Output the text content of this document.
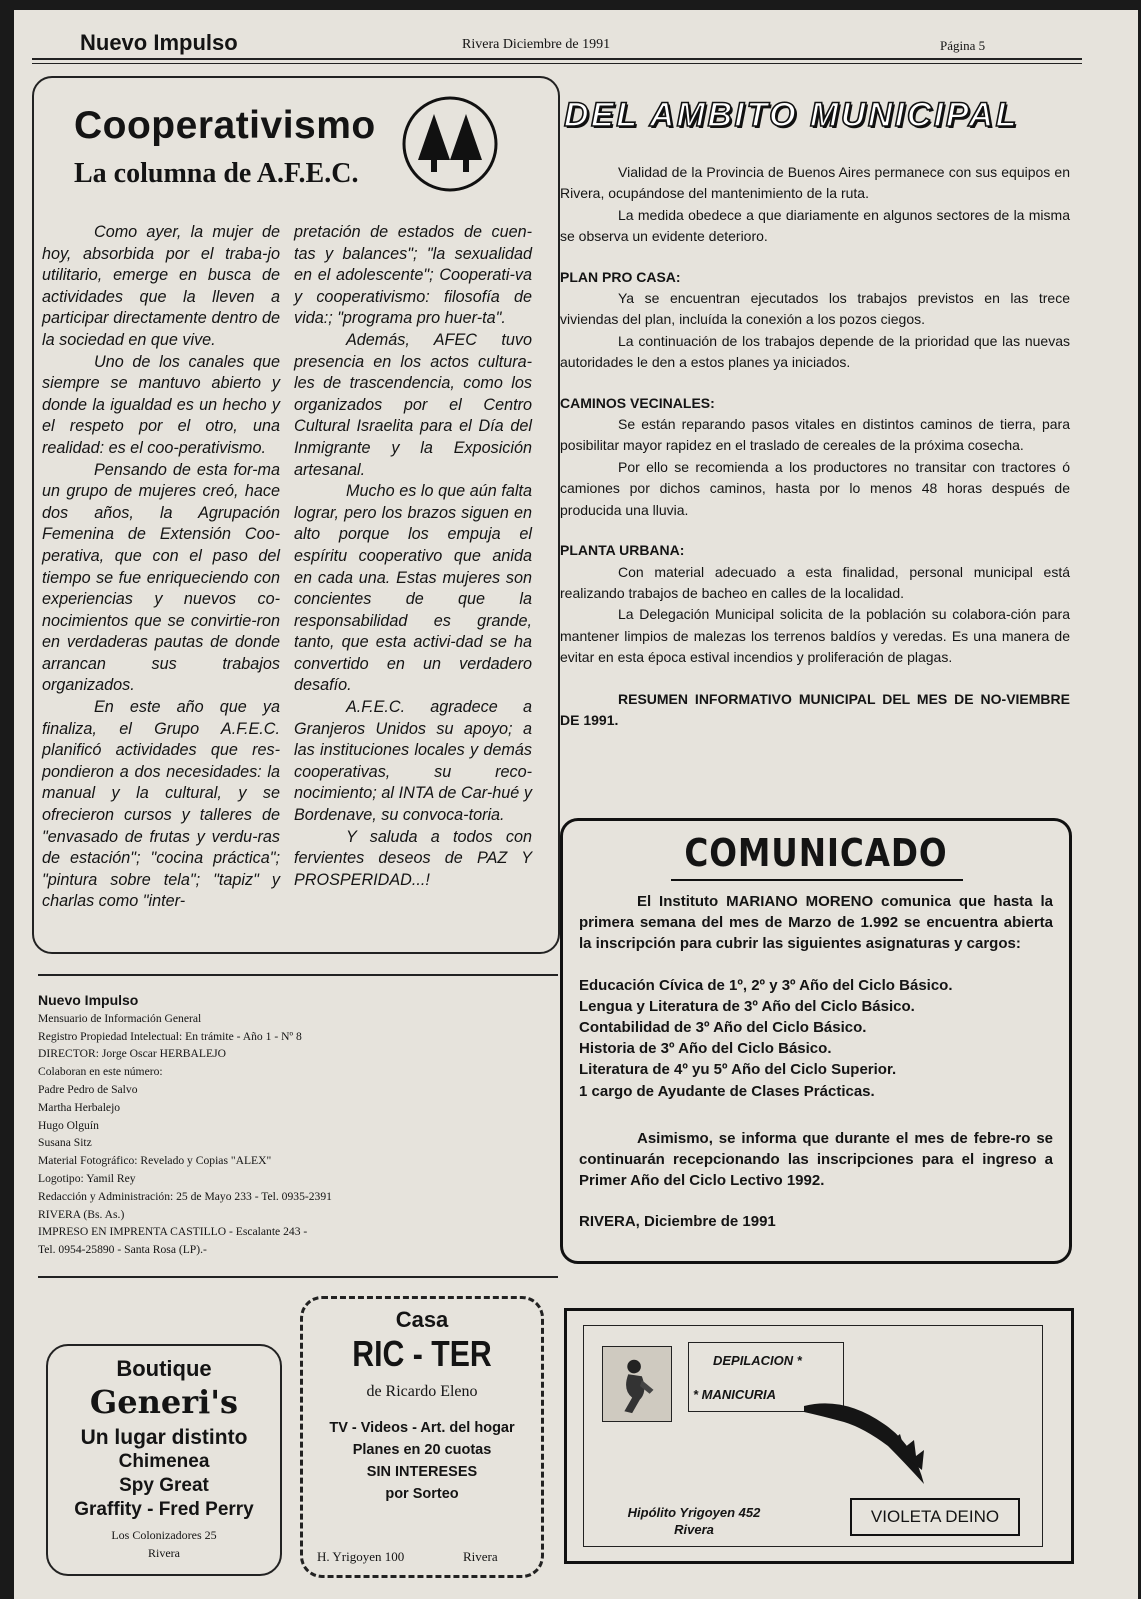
Nuevo Impulso	Rivera Diciembre de 1991	Página 5
Cooperativismo
La columna de A.F.E.C.

Como ayer, la mujer de hoy, absorbida por el traba-jo utilitario, emerge en busca de actividades que la lleven a participar directamente dentro de la sociedad en que vive.

Uno de los canales que siempre se mantuvo abierto y donde la igualdad es un hecho y el respeto por el otro, una realidad: es el coo-perativismo.

Pensando de esta for-ma un grupo de mujeres creó, hace dos años, la Agrupación Femenina de Extensión Coo-perativa, que con el paso del tiempo se fue enriqueciendo con experiencias y nuevos co-nocimientos que se convirtie-ron en verdaderas pautas de donde arrancan sus trabajos organizados.

En este año que ya finaliza, el Grupo A.F.E.C. planificó actividades que res-pondieron a dos necesidades: la manual y la cultural, y se ofrecieron cursos y talleres de "envasado de frutas y verdu-ras de estación"; "cocina práctica"; "pintura sobre tela"; "tapiz" y charlas como "inter-

pretación de estados de cuen-tas y balances"; "la sexualidad en el adolescente"; Cooperati-va y cooperativismo: filosofía de vida:; "programa pro huer-ta".

Además, AFEC tuvo presencia en los actos cultura-les de trascendencia, como los organizados por el Centro Cultural Israelita para el Día del Inmigrante y la Exposición artesanal.

Mucho es lo que aún falta lograr, pero los brazos siguen en alto porque los empuja el espíritu cooperativo que anida en cada una. Estas mujeres son concientes de que la responsabilidad es grande, tanto, que esta activi-dad se ha convertido en un verdadero desafío.

A.F.E.C. agradece a Granjeros Unidos su apoyo; a las instituciones locales y demás cooperativas, su reco-nocimiento; al INTA de Car-hué y Bordenave, su convoca-toria.

Y saluda a todos con fervientes deseos de PAZ Y PROSPERIDAD...!

DEL AMBITO MUNICIPAL

Vialidad de la Provincia de Buenos Aires permanece con sus equipos en Rivera, ocupándose del mantenimiento de la ruta.

La medida obedece a que diariamente en algunos sectores de la misma se observa un evidente deterioro.

PLAN PRO CASA:

Ya se encuentran ejecutados los trabajos previstos en las trece viviendas del plan, incluída la conexión a los pozos ciegos.

La continuación de los trabajos depende de la prioridad que las nuevas autoridades le den a estos planes ya iniciados.

CAMINOS VECINALES:

Se están reparando pasos vitales en distintos caminos de tierra, para posibilitar mayor rapidez en el traslado de cereales de la próxima cosecha.

Por ello se recomienda a los productores no transitar con tractores ó camiones por dichos caminos, hasta por lo menos 48 horas después de producida una lluvia.

PLANTA URBANA:

Con material adecuado a esta finalidad, personal municipal está realizando trabajos de bacheo en calles de la localidad.

La Delegación Municipal solicita de la población su colabora-ción para mantener limpios de malezas los terrenos baldíos y veredas. Es una manera de evitar en esta época estival incendios y proliferación de plagas.

RESUMEN INFORMATIVO MUNICIPAL DEL MES DE NO-VIEMBRE DE 1991.

COMUNICADO

El Instituto MARIANO MORENO comunica que hasta la primera semana del mes de Marzo de 1.992 se encuentra abierta la inscripción para cubrir las siguientes asignaturas y cargos:

Educación Cívica de 1º, 2º y 3º Año del Ciclo Básico.
Lengua y Literatura de 3º Año del Ciclo Básico.
Contabilidad de 3º Año del Ciclo Básico.
Historia de 3º Año del Ciclo Básico.
Literatura de 4º yu 5º Año del Ciclo Superior.
1 cargo de Ayudante de Clases Prácticas.

Asimismo, se informa que durante el mes de febre-ro se continuarán recepcionando las inscripciones para el ingreso a Primer Año del Ciclo Lectivo 1992.

RIVERA, Diciembre de 1991

Nuevo Impulso
Mensuario de Información General
Registro Propiedad Intelectual: En trámite - Año 1 - Nº 8
DIRECTOR: Jorge Oscar HERBALEJO
Colaboran en este número:
Padre Pedro de Salvo
Martha Herbalejo
Hugo Olguín
Susana Sitz
Material Fotográfico: Revelado y Copias "ALEX"
Logotipo: Yamil Rey
Redacción y Administración: 25 de Mayo 233 - Tel. 0935-2391
RIVERA (Bs. As.)
IMPRESO EN IMPRENTA CASTILLO - Escalante 243 -
Tel. 0954-25890 - Santa Rosa (LP).-
Boutique
Generi's
Un lugar distinto
Chimenea
Spy Great
Graffity - Fred Perry
Los Colonizadores 25
Rivera
Casa
RIC - TER
de Ricardo Eleno
TV - Videos - Art. del hogar
Planes en 20 cuotas
SIN INTERESES
por Sorteo
H. Yrigoyen 100	Rivera
DEPILACION *
* MANICURIA
Hipólito Yrigoyen 452
Rivera
VIOLETA DEINO
